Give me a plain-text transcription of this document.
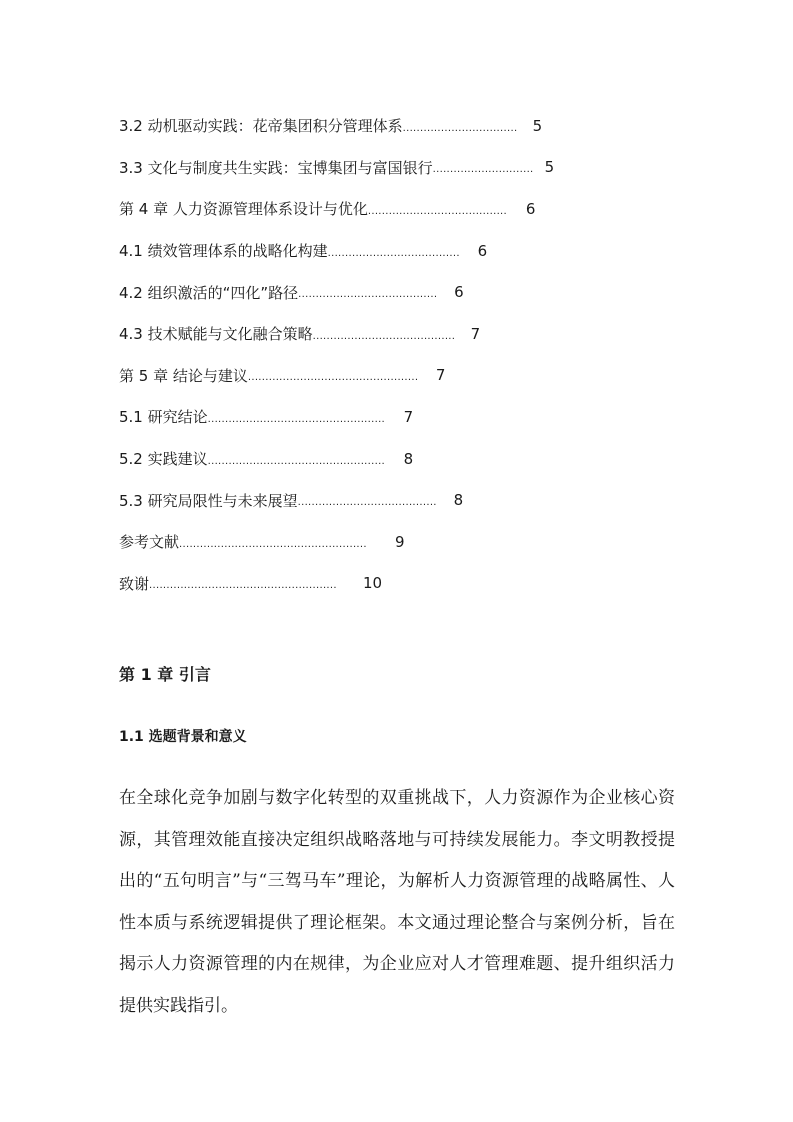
3.2 动机驱动实践：花帝集团积分管理体系 .................................	5
3.3 文化与制度共生实践：宝博集团与富国银行 ............................. 5
第 4 章 人力资源管理体系设计与优化 ........................................	6
4.1 绩效管理体系的战略化构建 ......................................	6
4.2 组织激活的“四化”路径 ........................................	6
4.3 技术赋能与文化融合策略 .........................................	7
第 5 章 结论与建议 .................................................	7
5.1 研究结论 ...................................................	7
5.2 实践建议 ...................................................	8
5.3 研究局限性与未来展望 ........................................	8
参考文献 ......................................................	9
致谢 ......................................................	10
第 1 章 引言
1.1 选题背景和意义

在全球化竞争加剧与数字化转型的双重挑战下，人力资源作为企业核心资源，其管理效能直接决定组织战略落地与可持续发展能力。李文明教授提出的“五句明言”与“三驾马车”理论，为解析人力资源管理的战略属性、人性本质与系统逻辑提供了理论框架。本文通过理论整合与案例分析，旨在揭示人力资源管理的内在规律，为企业应对人才管理难题、提升组织活力提供实践指引。
